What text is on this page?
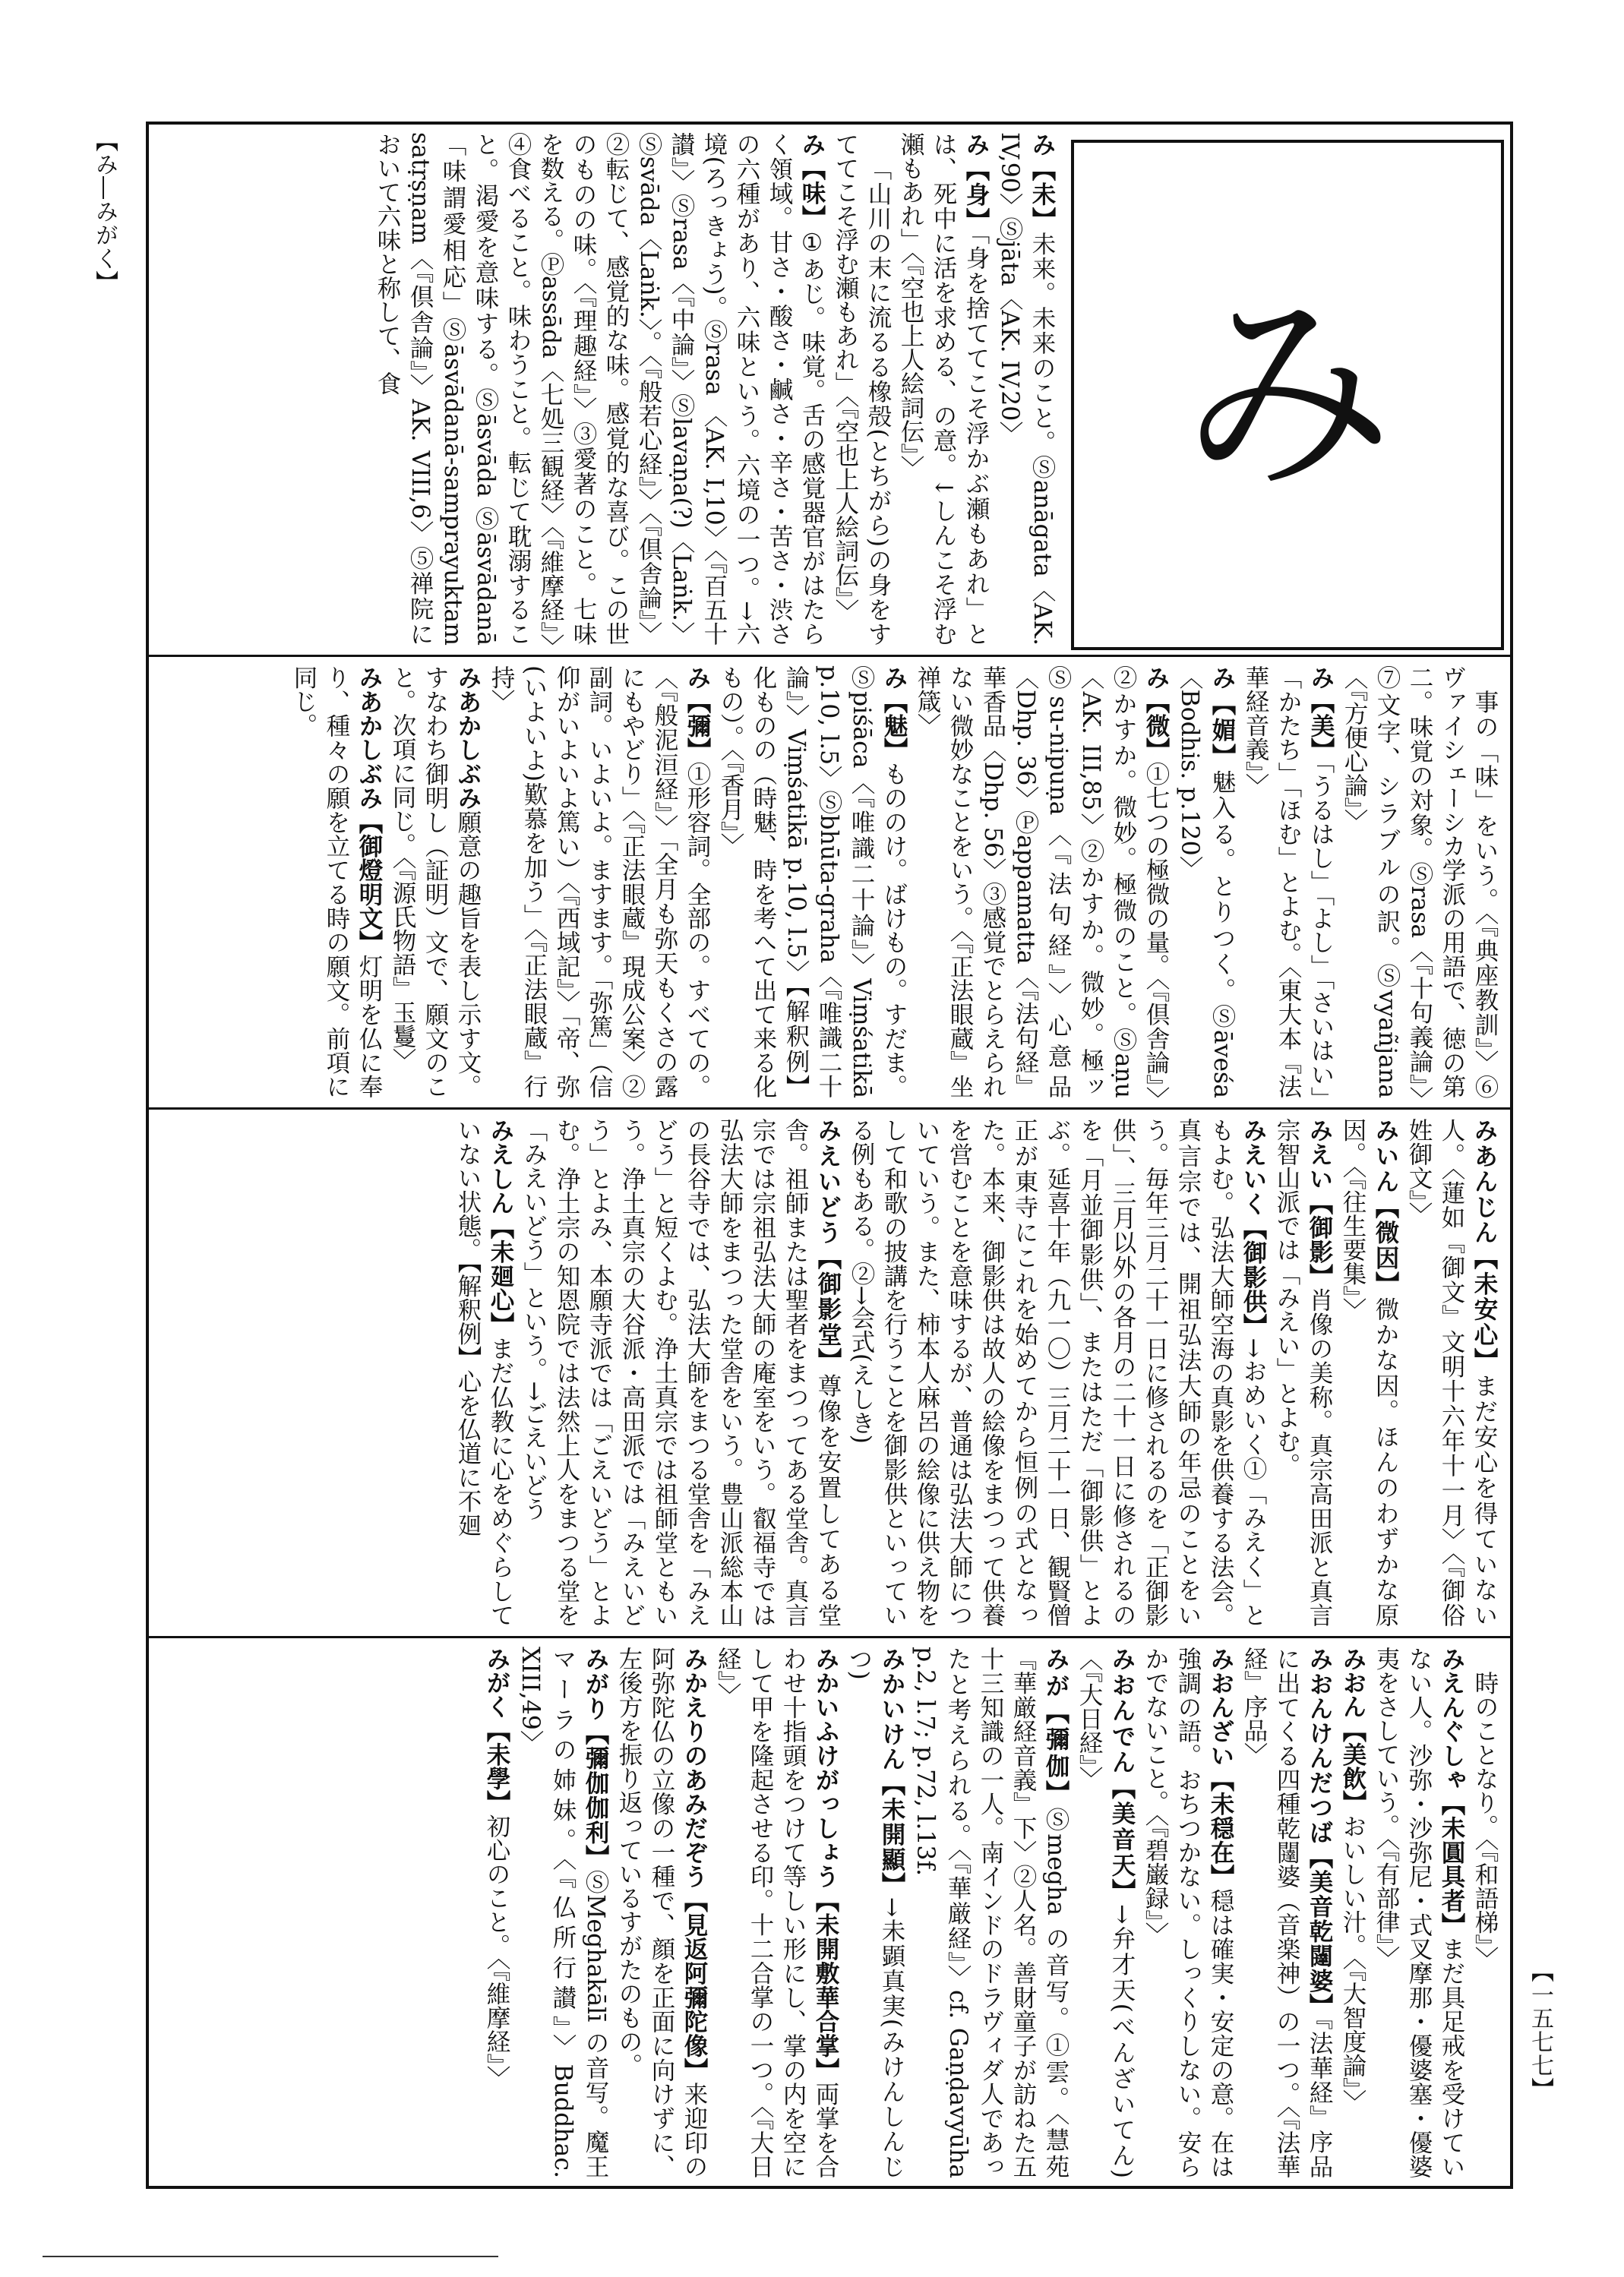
【み―みがく】
【一五七七】
み

み【未】未来。未来のこと。Ⓢanāgata〈AK. IV,90〉Ⓢjāta〈AK. IV,20〉

み【身】「身を捨ててこそ浮かぶ瀬もあれ」とは、死中に活を求める、の意。↓しんこそ浮む瀬もあれ」〈『空也上人絵詞伝』〉

「山川の末に流るる橡殻(とちがら)の身をすててこそ浮む瀬もあれ」〈『空也上人絵詞伝』〉

み【味】①あじ。味覚。舌の感覚器官がはたらく領域。甘さ・酸さ・鹹さ・辛さ・苦さ・渋さの六種があり、六味という。六境の一つ。→六境(ろっきょう)。Ⓢrasa 〈AK. I,10〉〈『百五十讃』〉Ⓢrasa〈『中論』〉Ⓢlavaṇa(?)〈Laṅk.〉Ⓢsvāda〈Laṅk.〉。〈『般若心経』〉〈『倶舎論』〉②転じて、感覚的な味。感覚的な喜び。この世のものの味。〈『理趣経』〉③愛著のこと。七味を数える。Ⓟassāda〈七処三観経〉〈『維摩経』〉④食べること。味わうこと。転じて耽溺すること。渇愛を意味する。Ⓢāsvāda Ⓢāsvādanā「味謂愛相応」Ⓢāsvādanā-samprayuktam satṛṣṇam〈『倶舎論』〉AK. VIII,6〉⑤禅院において六味と称して、食

事の「味」をいう。〈『典座教訓』〉⑥ヴァイシェーシカ学派の用語で、徳の第二。味覚の対象。Ⓢrasa〈『十句義論』〉⑦文字、シラブルの訳。Ⓢvyañjana〈『方便心論』〉

み【美】「うるはし」「よし」「さいはい」「かたち」「ほむ」とよむ。〈東大本『法華経音義』〉

み【媚】魅入る。とりつく。Ⓢāveśa〈Bodhis. p.120〉

み【微】①七つの極微の量。〈『倶舎論』〉②かすか。微妙。極微のこと。Ⓢaṇu〈AK. III,85〉②かすか。微妙。極ッⓈsu-nipuṇa〈『法句経』〉心意品〈Dhp. 36〉Ⓟappamatta〈『法句経』華香品〈Dhp. 56〉③感覚でとらえられない微妙なことをいう。〈『正法眼蔵』坐禅箴〉

み【魅】もののけ。ばけもの。すだま。Ⓢpiśāca〈『唯識二十論』〉Viṃśatikā p.10, l.5〉Ⓢbhūta-graha〈『唯識二十論』〉Viṃśatikā p.10, l.5〉【解釈例】化ものの（時魅、時を考へて出て来る化もの）。〈『香月』〉

み【彌】①形容詞。全部の。すべての。〈『般泥洹経』〉「全月も弥天もくさの露にもやどり」〈『正法眼蔵』現成公案〉②副詞。いよいよ。ますます。「弥篤」（信仰がいよいよ篤い）〈『西域記』〉「帝、弥(いよいよ)歎慕を加う」〈『正法眼蔵』行持〉

みあかしぶみ願意の趣旨を表し示す文。すなわち御明し（証明）文で、願文のこと。次項に同じ。〈『源氏物語』玉鬘〉

みあかしぶみ【御燈明文】灯明を仏に奉り、種々の願を立てる時の願文。前項に同じ。

みあんじん【未安心】まだ安心を得ていない人。〈蓮如『御文』文明十六年十一月〉〈『御俗姓御文』〉

みいん【微因】微かな因。ほんのわずかな原因。〈『往生要集』〉

みえい【御影】肖像の美称。真宗高田派と真言宗智山派では「みえい」とよむ。

みえいく【御影供】→おめいく①「みえく」ともよむ。弘法大師空海の真影を供養する法会。真言宗では、開祖弘法大師の年忌のことをいう。毎年三月二十一日に修されるのを「正御影供」、三月以外の各月の二十一日に修されるのを「月並御影供」、またはただ「御影供」とよぶ。延喜十年（九一〇）三月二十一日、観賢僧正が東寺にこれを始めてから恒例の式となった。本来、御影供は故人の絵像をまつって供養を営むことを意味するが、普通は弘法大師についていう。また、柿本人麻呂の絵像に供え物をして和歌の披講を行うことを御影供といっている例もある。②→会式(えしき)

みえいどう【御影堂】尊像を安置してある堂舎。祖師または聖者をまつってある堂舎。真言宗では宗祖弘法大師の庵室をいう。叡福寺では弘法大師をまつった堂舎をいう。豊山派総本山の長谷寺では、弘法大師をまつる堂舎を「みえどう」と短くよむ。浄土真宗では祖師堂ともいう。浄土真宗の大谷派・高田派では「みえいどう」とよみ、本願寺派では「ごえいどう」とよむ。浄土宗の知恩院では法然上人をまつる堂を「みえいどう」という。→ごえいどう

みえしん【未廻心】まだ仏教に心をめぐらしていない状態。【解釈例】心を仏道に不廻

時のことなり。〈『和語梯』〉

みえんぐしゃ【未圓具者】まだ具足戒を受けていない人。沙弥・沙弥尼・式叉摩那・優婆塞・優婆夷をさしていう。〈『有部律』〉

みおん【美飲】おいしい汁。〈『大智度論』〉

みおんけんだつば【美音乾闥婆】『法華経』序品に出てくる四種乾闥婆（音楽神）の一つ。〈『法華経』序品〉

みおんざい【未穏在】穏は確実・安定の意。在は強調の語。おちつかない。しっくりしない。安らかでないこと。〈『碧巌録』〉

みおんでん【美音天】→弁才天(べんざいてん)〈『大日経』〉

みが【彌伽】Ⓢmegha の音写。①雲。〈慧苑『華厳経音義』下〉②人名。善財童子が訪ねた五十三知識の一人。南インドのドラヴィダ人であったと考えられる。〈『華厳経』〉cf. Gaṇḍavyūha p.2, l.7; p.72, l.13f.

みかいけん【未開顯】→未顕真実(みけんしんじつ)

みかいふけがっしょう【未開敷華合掌】両掌を合わせ十指頭をつけて等しい形にし、掌の内を空にして甲を隆起させる印。十二合掌の一つ。〈『大日経』〉

みかえりのあみだぞう【見返阿彌陀像】来迎印の阿弥陀仏の立像の一種で、顔を正面に向けずに、左後方を振り返っているすがたのもの。

みがり【彌伽伽利】ⓈMeghakālī の音写。魔王マーラの姉妹。〈『仏所行讃』〉Buddhac. XIII,49〉

みがく【未學】初心のこと。〈『維摩経』〉
